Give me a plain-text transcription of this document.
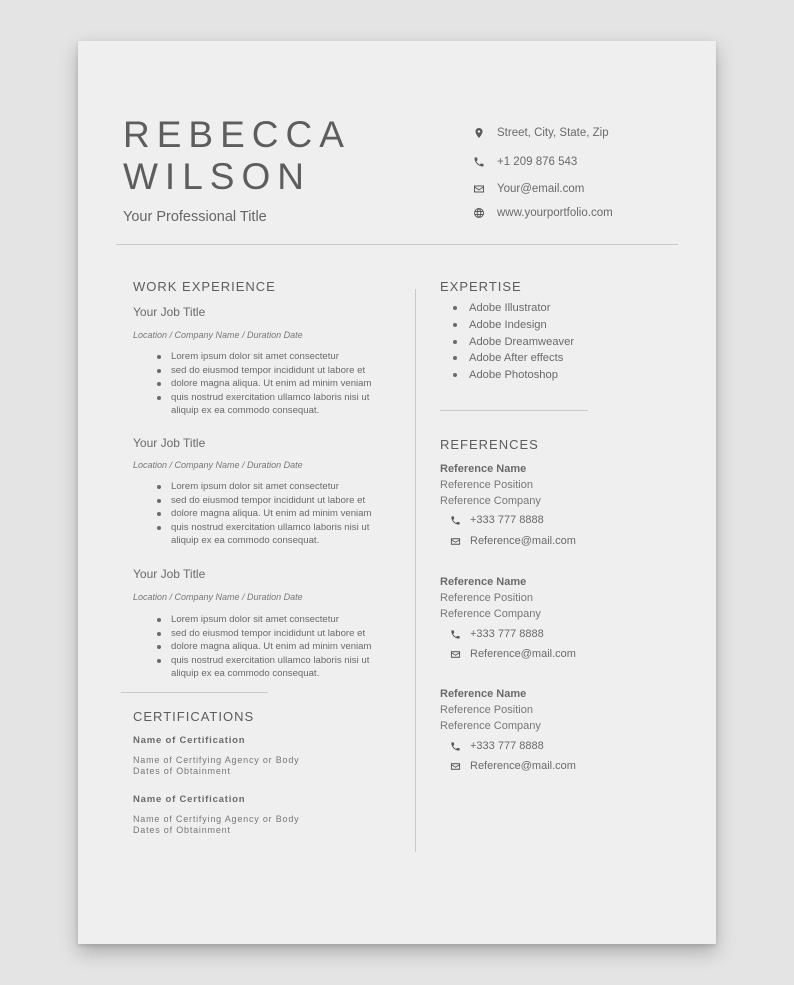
REBECCA
WILSON
Your Professional Title
Street, City, State, Zip
+1 209 876 543
Your@email.com
www.yourportfolio.com
WORK EXPERIENCE
Your Job Title
Location / Company Name / Duration Date
Lorem ipsum dolor sit amet consectetur
sed do eiusmod tempor incididunt ut labore et
dolore magna aliqua. Ut enim ad minim veniam
quis nostrud exercitation ullamco laboris nisi ut aliquip ex ea commodo consequat.
Your Job Title
Location / Company Name / Duration Date
Lorem ipsum dolor sit amet consectetur
sed do eiusmod tempor incididunt ut labore et
dolore magna aliqua. Ut enim ad minim veniam
quis nostrud exercitation ullamco laboris nisi ut aliquip ex ea commodo consequat.
Your Job Title
Location / Company Name / Duration Date
Lorem ipsum dolor sit amet consectetur
sed do eiusmod tempor incididunt ut labore et
dolore magna aliqua. Ut enim ad minim veniam
quis nostrud exercitation ullamco laboris nisi ut aliquip ex ea commodo consequat.
CERTIFICATIONS
Name of Certification
Name of Certifying Agency or Body
Dates of Obtainment
Name of Certification
Name of Certifying Agency or Body
Dates of Obtainment
EXPERTISE
Adobe Illustrator
Adobe Indesign
Adobe Dreamweaver
Adobe After effects
Adobe Photoshop
REFERENCES
Reference Name
Reference Position
Reference Company
+333 777 8888
Reference@mail.com
Reference Name
Reference Position
Reference Company
+333 777 8888
Reference@mail.com
Reference Name
Reference Position
Reference Company
+333 777 8888
Reference@mail.com
